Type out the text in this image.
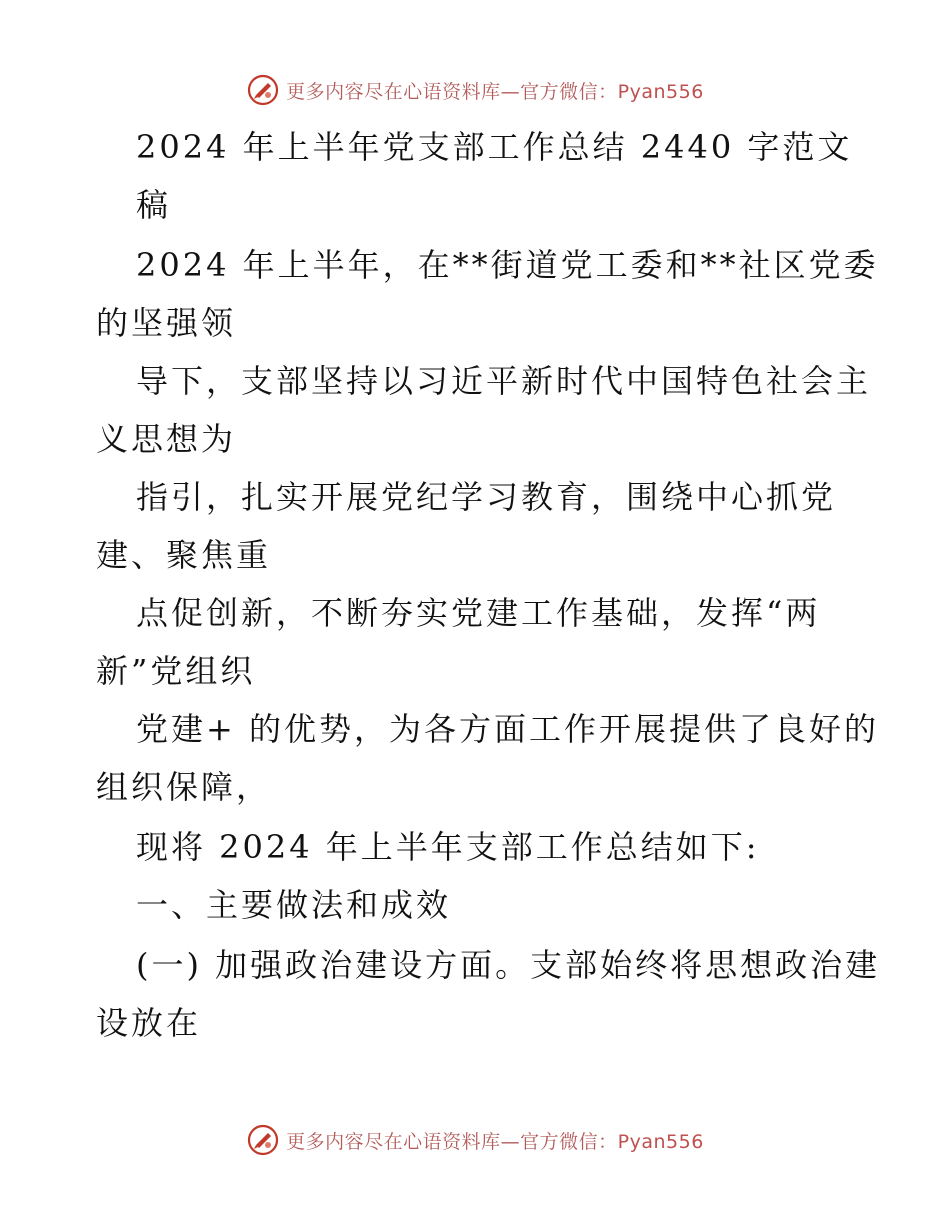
更多内容尽在心语资料库—官方微信：Pyan556
2024 年上半年党支部工作总结 2440 字范文
稿
2024 年上半年，在**街道党工委和**社区党委
的坚强领
导下，支部坚持以习近平新时代中国特色社会主
义思想为
指引，扎实开展党纪学习教育，围绕中心抓党
建、聚焦重
点促创新，不断夯实党建工作基础，发挥“两
新”党组织
党建+ 的优势，为各方面工作开展提供了良好的
组织保障，
现将 2024 年上半年支部工作总结如下:
一、主要做法和成效
(一) 加强政治建设方面。支部始终将思想政治建
设放在
更多内容尽在心语资料库—官方微信：Pyan556
